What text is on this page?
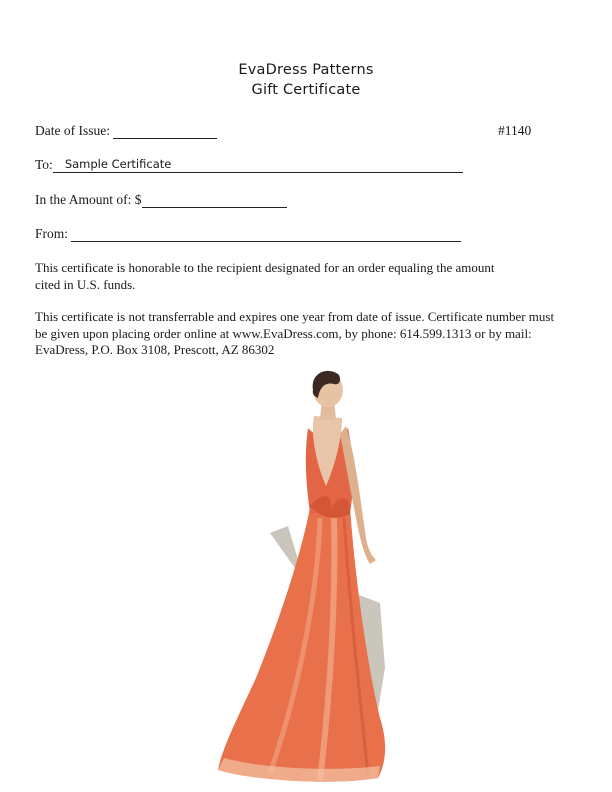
EvaDress Patterns
Gift Certificate
Date of Issue:	#1140
To: Sample Certificate
In the Amount of: $
From:
This certificate is honorable to the recipient designated for an order equaling the amount
cited in U.S. funds.
This certificate is not transferrable and expires one year from date of issue. Certificate number must
be given upon placing order online at www.EvaDress.com, by phone: 614.599.1313 or by mail:
EvaDress, P.O. Box 3108, Prescott, AZ 86302
